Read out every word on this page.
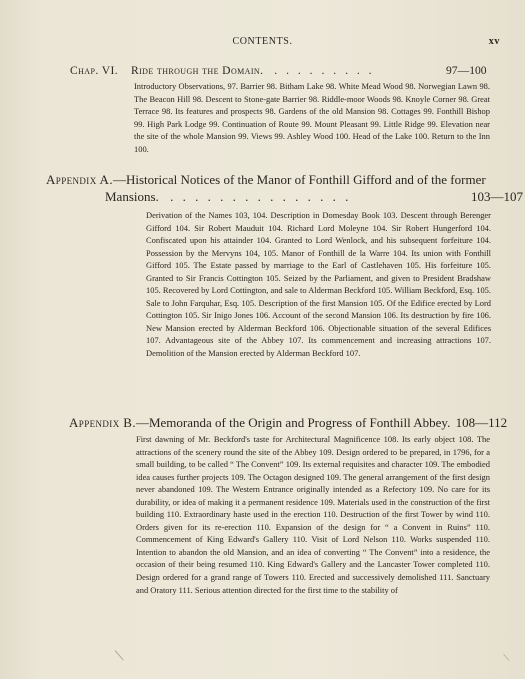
CONTENTS.	xv
Chap. VI. Ride through the Domain. . . . . . . . . .	97—100
Introductory Observations, 97. Barrier 98. Bitham Lake 98. White Mead Wood 98. Norwegian Lawn 98. The Beacon Hill 98. Descent to Stone-gate Barrier 98. Riddle-moor Woods 98. Knoyle Corner 98. Great Terrace 98. Its features and prospects 98. Gardens of the old Mansion 98. Cottages 99. Fonthill Bishop 99. High Park Lodge 99. Continuation of Route 99. Mount Pleasant 99. Little Ridge 99. Elevation near the site of the whole Mansion 99. Views 99. Ashley Wood 100. Head of the Lake 100. Return to the Inn 100.
Appendix A.—Historical Notices of the Manor of Fonthill Gifford and of the former
Mansions. . . . . . . . . . . . . . . .	103—107
Derivation of the Names 103, 104. Description in Domesday Book 103. Descent through Berenger Gifford 104. Sir Robert Mauduit 104. Richard Lord Moleyne 104. Sir Robert Hungerford 104. Confiscated upon his attainder 104. Granted to Lord Wenlock, and his subsequent forfeiture 104. Possession by the Mervyns 104, 105. Manor of Fonthill de la Warre 104. Its union with Fonthill Gifford 105. The Estate passed by marriage to the Earl of Castlehaven 105. His forfeiture 105. Granted to Sir Francis Cottington 105. Seized by the Parliament, and given to President Bradshaw 105. Recovered by Lord Cottington, and sale to Alderman Beckford 105. William Beckford, Esq. 105. Sale to John Farquhar, Esq. 105. Description of the first Mansion 105. Of the Edifice erected by Lord Cottington 105. Sir Inigo Jones 106. Account of the second Mansion 106. Its destruction by fire 106. New Mansion erected by Alderman Beckford 106. Objectionable situation of the several Edifices 107. Advantageous site of the Abbey 107. Its commencement and increasing attractions 107. Demolition of the Mansion erected by Alderman Beckford 107.
Appendix B.—Memoranda of the Origin and Progress of Fonthill Abbey. 108—112
First dawning of Mr. Beckford's taste for Architectural Magnificence 108. Its early object 108. The attractions of the scenery round the site of the Abbey 109. Design ordered to be prepared, in 1796, for a small building, to be called “ The Convent” 109. Its external requisites and character 109. The embodied idea causes further projects 109. The Octagon designed 109. The general arrangement of the first design never abandoned 109. The Western Entrance originally intended as a Refectory 109. No care for its durability, or idea of making it a permanent residence 109. Materials used in the construction of the first building 110. Extraordinary haste used in the erection 110. Destruction of the first Tower by wind 110. Orders given for its re-erection 110. Expansion of the design for “ a Convent in Ruins” 110. Commencement of King Edward's Gallery 110. Visit of Lord Nelson 110. Works suspended 110. Intention to abandon the old Mansion, and an idea of converting “ The Convent” into a residence, the occasion of their being resumed 110. King Edward's Gallery and the Lancaster Tower completed 110. Design ordered for a grand range of Towers 110. Erected and successively demolished 111. Sanctuary and Oratory 111. Serious attention directed for the first time to the stability of
/	/
